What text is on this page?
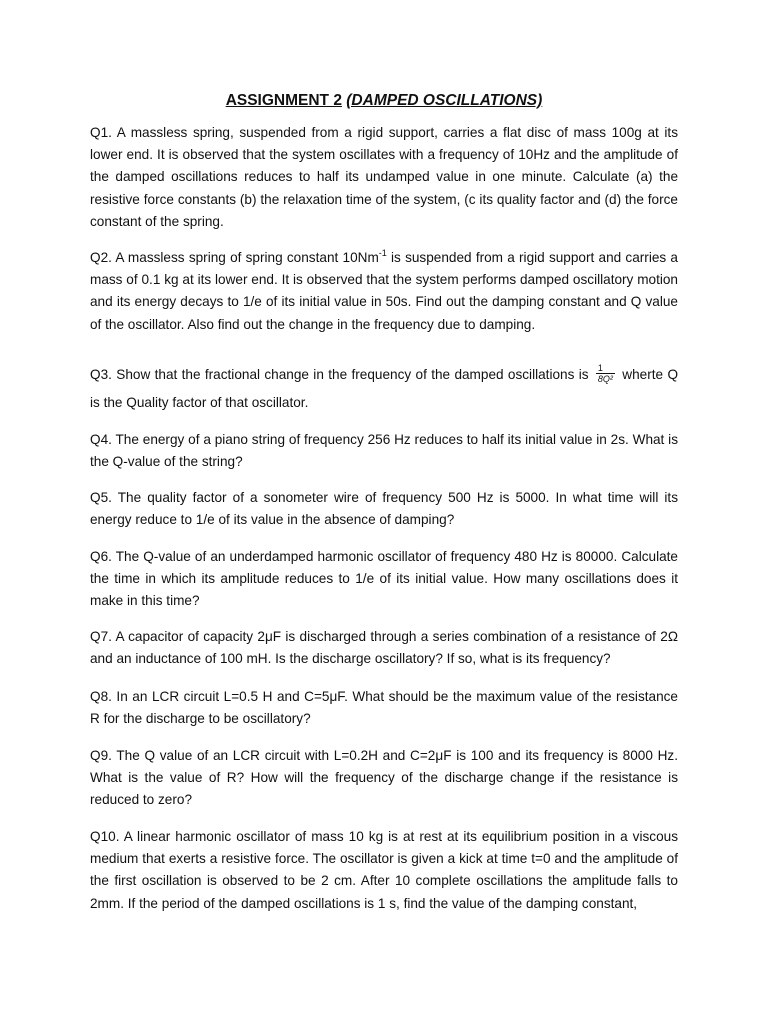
ASSIGNMENT 2 (DAMPED OSCILLATIONS)

Q1. A massless spring, suspended from a rigid support, carries a flat disc of mass 100g at its lower end. It is observed that the system oscillates with a frequency of 10Hz and the amplitude of the damped oscillations reduces to half its undamped value in one minute. Calculate (a) the resistive force constants (b) the relaxation time of the system, (c its quality factor and (d) the force constant of the spring.

Q2. A massless spring of spring constant $10Nm^{-1}$ is suspended from a rigid support and carries a mass of 0.1 kg at its lower end. It is observed that the system performs damped oscillatory motion and its energy decays to 1/e of its initial value in 50s. Find out the damping constant and Q value of the oscillator. Also find out the change in the frequency due to damping.

Q3. Show that the fractional change in the frequency of the damped oscillations is $\frac{1}{\text{8Q²}}$ wherte Q is the Quality factor of that oscillator.

Q4. The energy of a piano string of frequency 256 Hz reduces to half its initial value in 2s. What is the Q-value of the string?

Q5. The quality factor of a sonometer wire of frequency 500 Hz is 5000. In what time will its energy reduce to 1/e of its value in the absence of damping?

Q6. The Q-value of an underdamped harmonic oscillator of frequency 480 Hz is 80000. Calculate the time in which its amplitude reduces to 1/e of its initial value. How many oscillations does it make in this time?

Q7. A capacitor of capacity 2μF is discharged through a series combination of a resistance of 2Ω and an inductance of 100 mH. Is the discharge oscillatory? If so, what is its frequency?

Q8. In an LCR circuit L=0.5 H and C=5μF. What should be the maximum value of the resistance R for the discharge to be oscillatory?

Q9. The Q value of an LCR circuit with L=0.2H and C=2μF is 100 and its frequency is 8000 Hz. What is the value of R? How will the frequency of the discharge change if the resistance is reduced to zero?

Q10. A linear harmonic oscillator of mass 10 kg is at rest at its equilibrium position in a viscous medium that exerts a resistive force. The oscillator is given a kick at time t=0 and the amplitude of the first oscillation is observed to be 2 cm. After 10 complete oscillations the amplitude falls to 2mm. If the period of the damped oscillations is 1 s, find the value of the damping constant,
